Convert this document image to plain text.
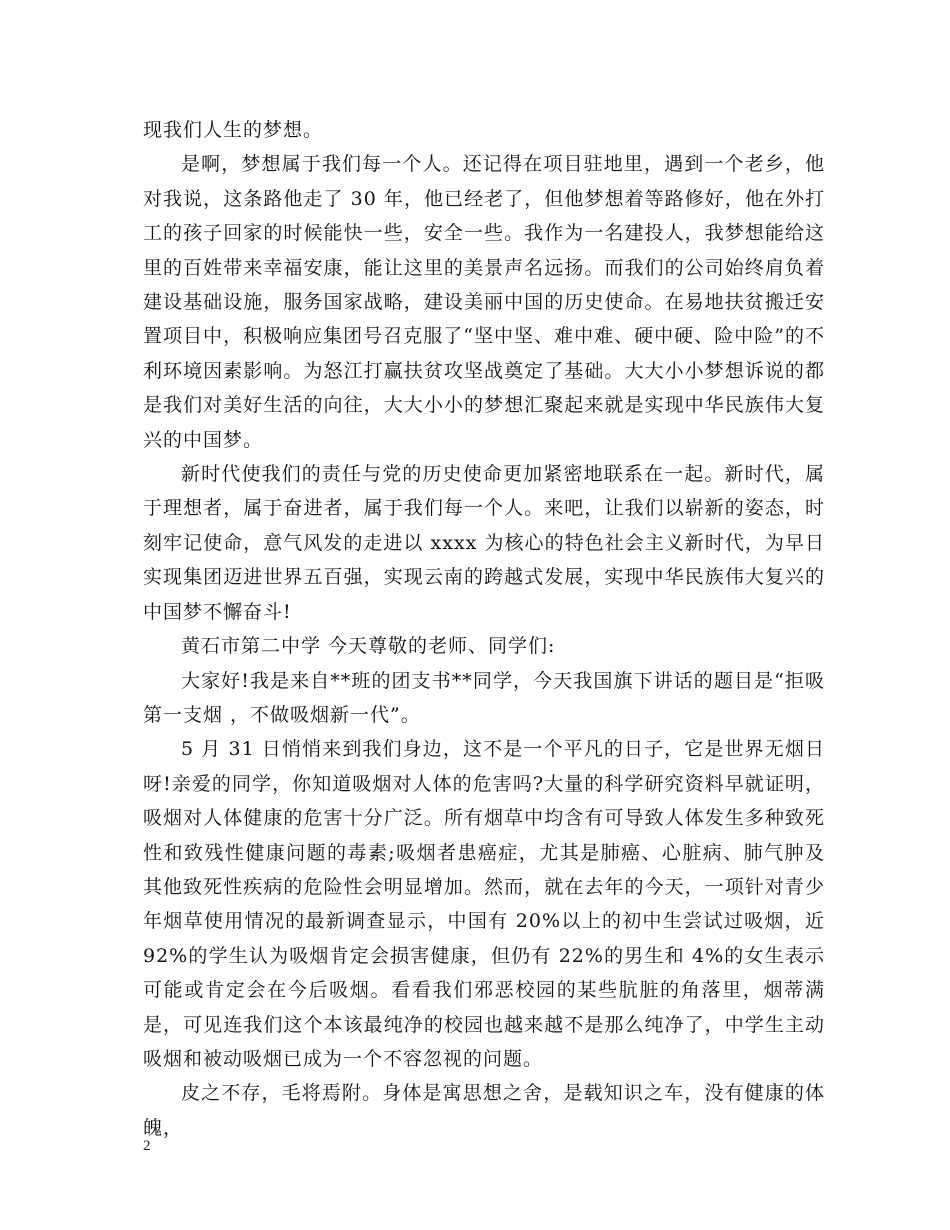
现我们人生的梦想。

是啊，梦想属于我们每一个人。还记得在项目驻地里，遇到一个老乡，他对我说，这条路他走了 30 年，他已经老了，但他梦想着等路修好，他在外打工的孩子回家的时候能快一些，安全一些。我作为一名建投人，我梦想能给这里的百姓带来幸福安康，能让这里的美景声名远扬。而我们的公司始终肩负着建设基础设施，服务国家战略，建设美丽中国的历史使命。在易地扶贫搬迁安置项目中，积极响应集团号召克服了“坚中坚、难中难、硬中硬、险中险”的不利环境因素影响。为怒江打赢扶贫攻坚战奠定了基础。大大小小梦想诉说的都是我们对美好生活的向往，大大小小的梦想汇聚起来就是实现中华民族伟大复兴的中国梦。

新时代使我们的责任与党的历史使命更加紧密地联系在一起。新时代，属于理想者，属于奋进者，属于我们每一个人。来吧，让我们以崭新的姿态，时刻牢记使命，意气风发的走进以 xxxx 为核心的特色社会主义新时代，为早日实现集团迈进世界五百强，实现云南的跨越式发展，实现中华民族伟大复兴的中国梦不懈奋斗!

黄石市第二中学 今天尊敬的老师、同学们:

大家好!我是来自**班的团支书**同学，今天我国旗下讲话的题目是“拒吸第一支烟 ，不做吸烟新一代”。

5 月 31 日悄悄来到我们身边，这不是一个平凡的日子，它是世界无烟日呀!亲爱的同学，你知道吸烟对人体的危害吗?大量的科学研究资料早就证明，吸烟对人体健康的危害十分广泛。所有烟草中均含有可导致人体发生多种致死性和致残性健康问题的毒素;吸烟者患癌症，尤其是肺癌、心脏病、肺气肿及其他致死性疾病的危险性会明显增加。然而，就在去年的今天，一项针对青少年烟草使用情况的最新调查显示，中国有 20%以上的初中生尝试过吸烟，近 92%的学生认为吸烟肯定会损害健康，但仍有 22%的男生和 4%的女生表示可能或肯定会在今后吸烟。看看我们邪恶校园的某些肮脏的角落里，烟蒂满是，可见连我们这个本该最纯净的校园也越来越不是那么纯净了，中学生主动吸烟和被动吸烟已成为一个不容忽视的问题。

皮之不存，毛将焉附。身体是寓思想之舍，是载知识之车，没有健康的体魄，

2
